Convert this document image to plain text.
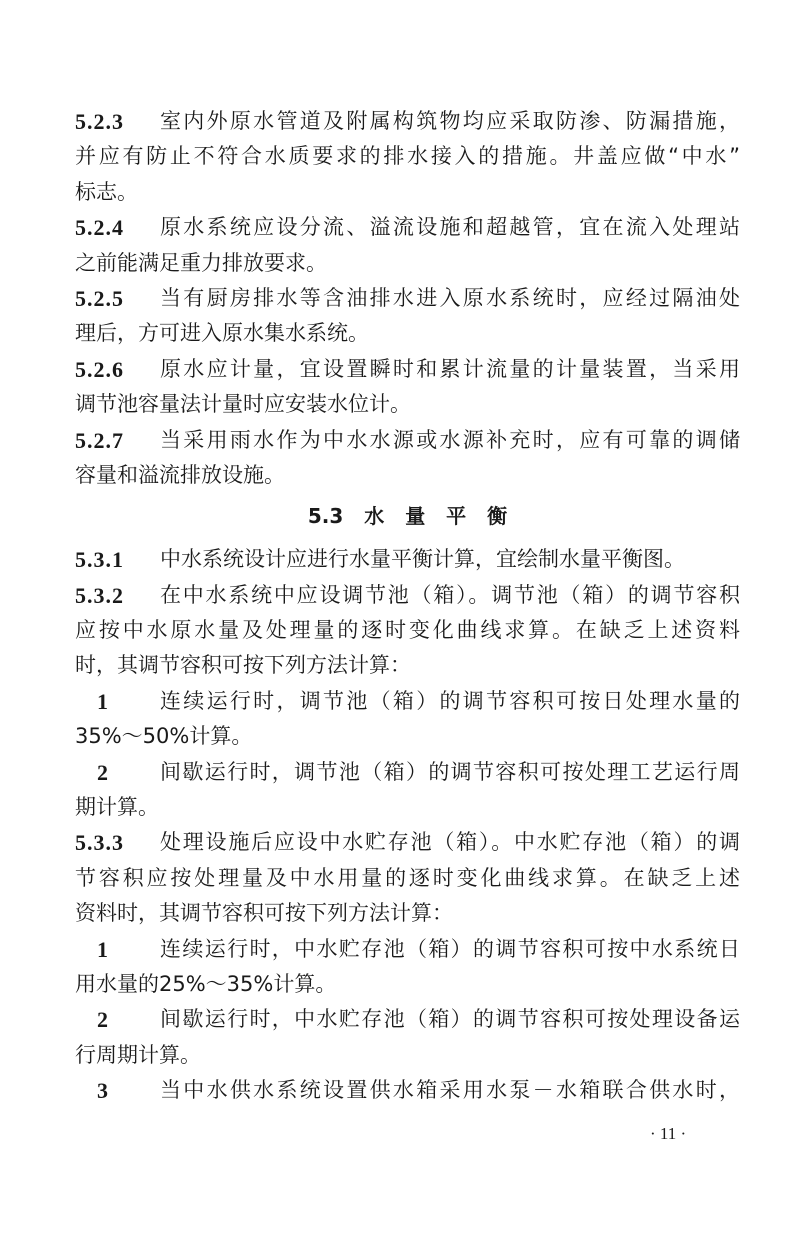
5.2.3	室内外原水管道及附属构筑物均应采取防渗、防漏措施，
并应有防止不符合水质要求的排水接入的措施。井盖应做“中水”
标志。
5.2.4	原水系统应设分流、溢流设施和超越管，宜在流入处理站
之前能满足重力排放要求。
5.2.5	当有厨房排水等含油排水进入原水系统时，应经过隔油处
理后，方可进入原水集水系统。
5.2.6	原水应计量，宜设置瞬时和累计流量的计量装置，当采用
调节池容量法计量时应安装水位计。
5.2.7	当采用雨水作为中水水源或水源补充时，应有可靠的调储
容量和溢流排放设施。
5.3 水 量 平 衡
5.3.1	中水系统设计应进行水量平衡计算，宜绘制水量平衡图。
5.3.2	在中水系统中应设调节池（箱）。调节池（箱）的调节容积
应按中水原水量及处理量的逐时变化曲线求算。在缺乏上述资料
时，其调节容积可按下列方法计算：
1	连续运行时，调节池（箱）的调节容积可按日处理水量的
35%～50%计算。
2	间歇运行时，调节池（箱）的调节容积可按处理工艺运行周
期计算。
5.3.3	处理设施后应设中水贮存池（箱）。中水贮存池（箱）的调
节容积应按处理量及中水用量的逐时变化曲线求算。在缺乏上述
资料时，其调节容积可按下列方法计算：
1	连续运行时，中水贮存池（箱）的调节容积可按中水系统日
用水量的25%～35%计算。
2	间歇运行时，中水贮存池（箱）的调节容积可按处理设备运
行周期计算。
3	当中水供水系统设置供水箱采用水泵－水箱联合供水时，
· 11 ·
